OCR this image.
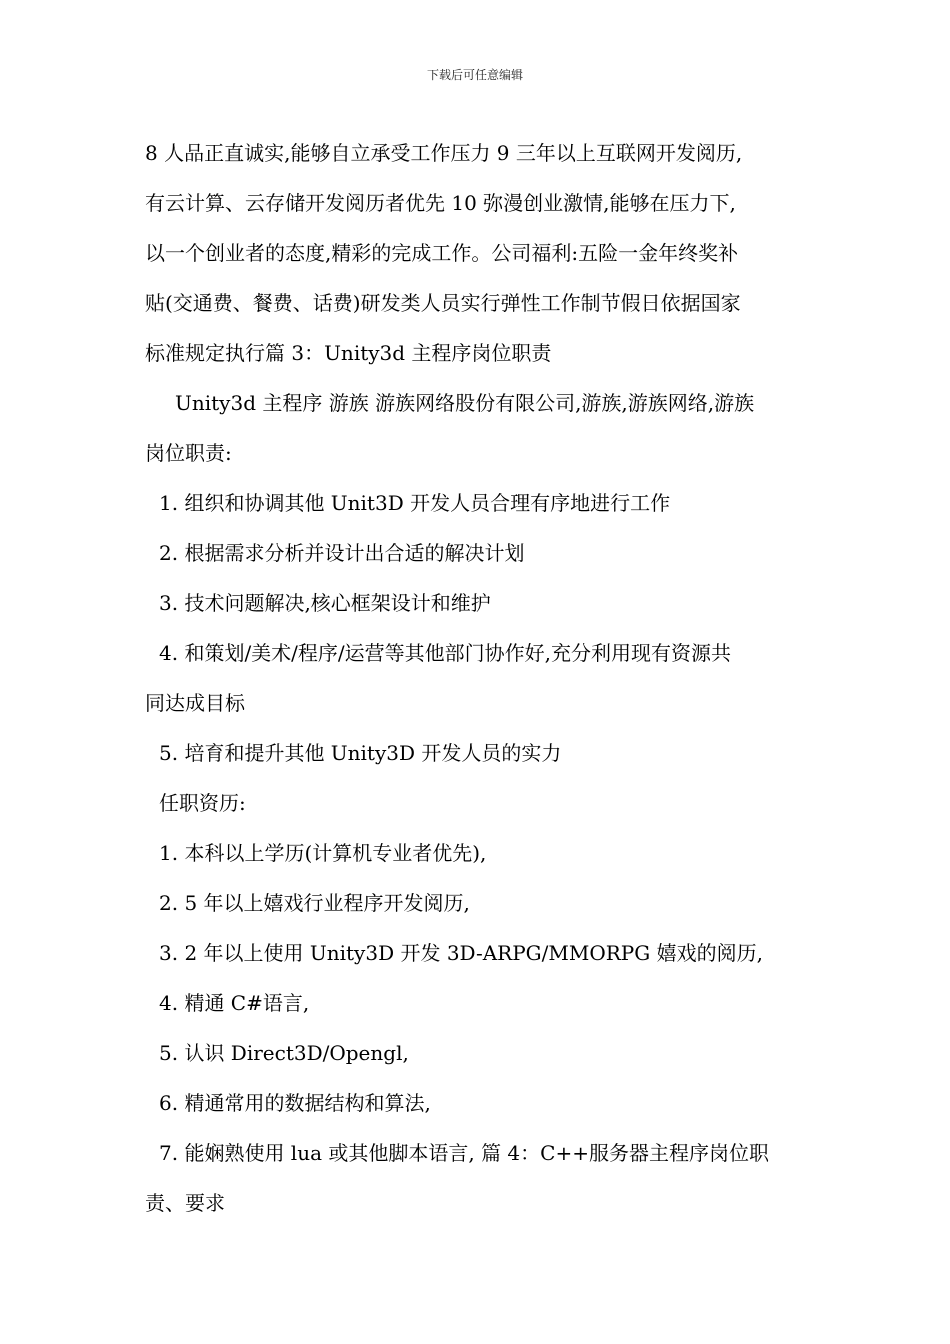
下载后可任意编辑

8 人品正直诚实,能够自立承受工作压力 9 三年以上互联网开发阅历,
有云计算、云存储开发阅历者优先 10 弥漫创业激情,能够在压力下,
以一个创业者的态度,精彩的完成工作。公司福利:五险一金年终奖补
贴(交通费、餐费、话费)研发类人员实行弹性工作制节假日依据国家
标准规定执行篇 3：Unity3d 主程序岗位职责

Unity3d 主程序 游族 游族网络股份有限公司,游族,游族网络,游族
岗位职责:

1. 组织和协调其他 Unit3D 开发人员合理有序地进行工作
2. 根据需求分析并设计出合适的解决计划
3. 技术问题解决,核心框架设计和维护
4. 和策划/美术/程序/运营等其他部门协作好,充分利用现有资源共
同达成目标
5. 培育和提升其他 Unity3D 开发人员的实力

任职资历:
1. 本科以上学历(计算机专业者优先),
2. 5 年以上嬉戏行业程序开发阅历,
3. 2 年以上使用 Unity3D 开发 3D-ARPG/MMORPG 嬉戏的阅历,
4. 精通 C#语言,
5. 认识 Direct3D/Opengl,
6. 精通常用的数据结构和算法,
7. 能娴熟使用 lua 或其他脚本语言, 篇 4：C++服务器主程序岗位职
责、要求
